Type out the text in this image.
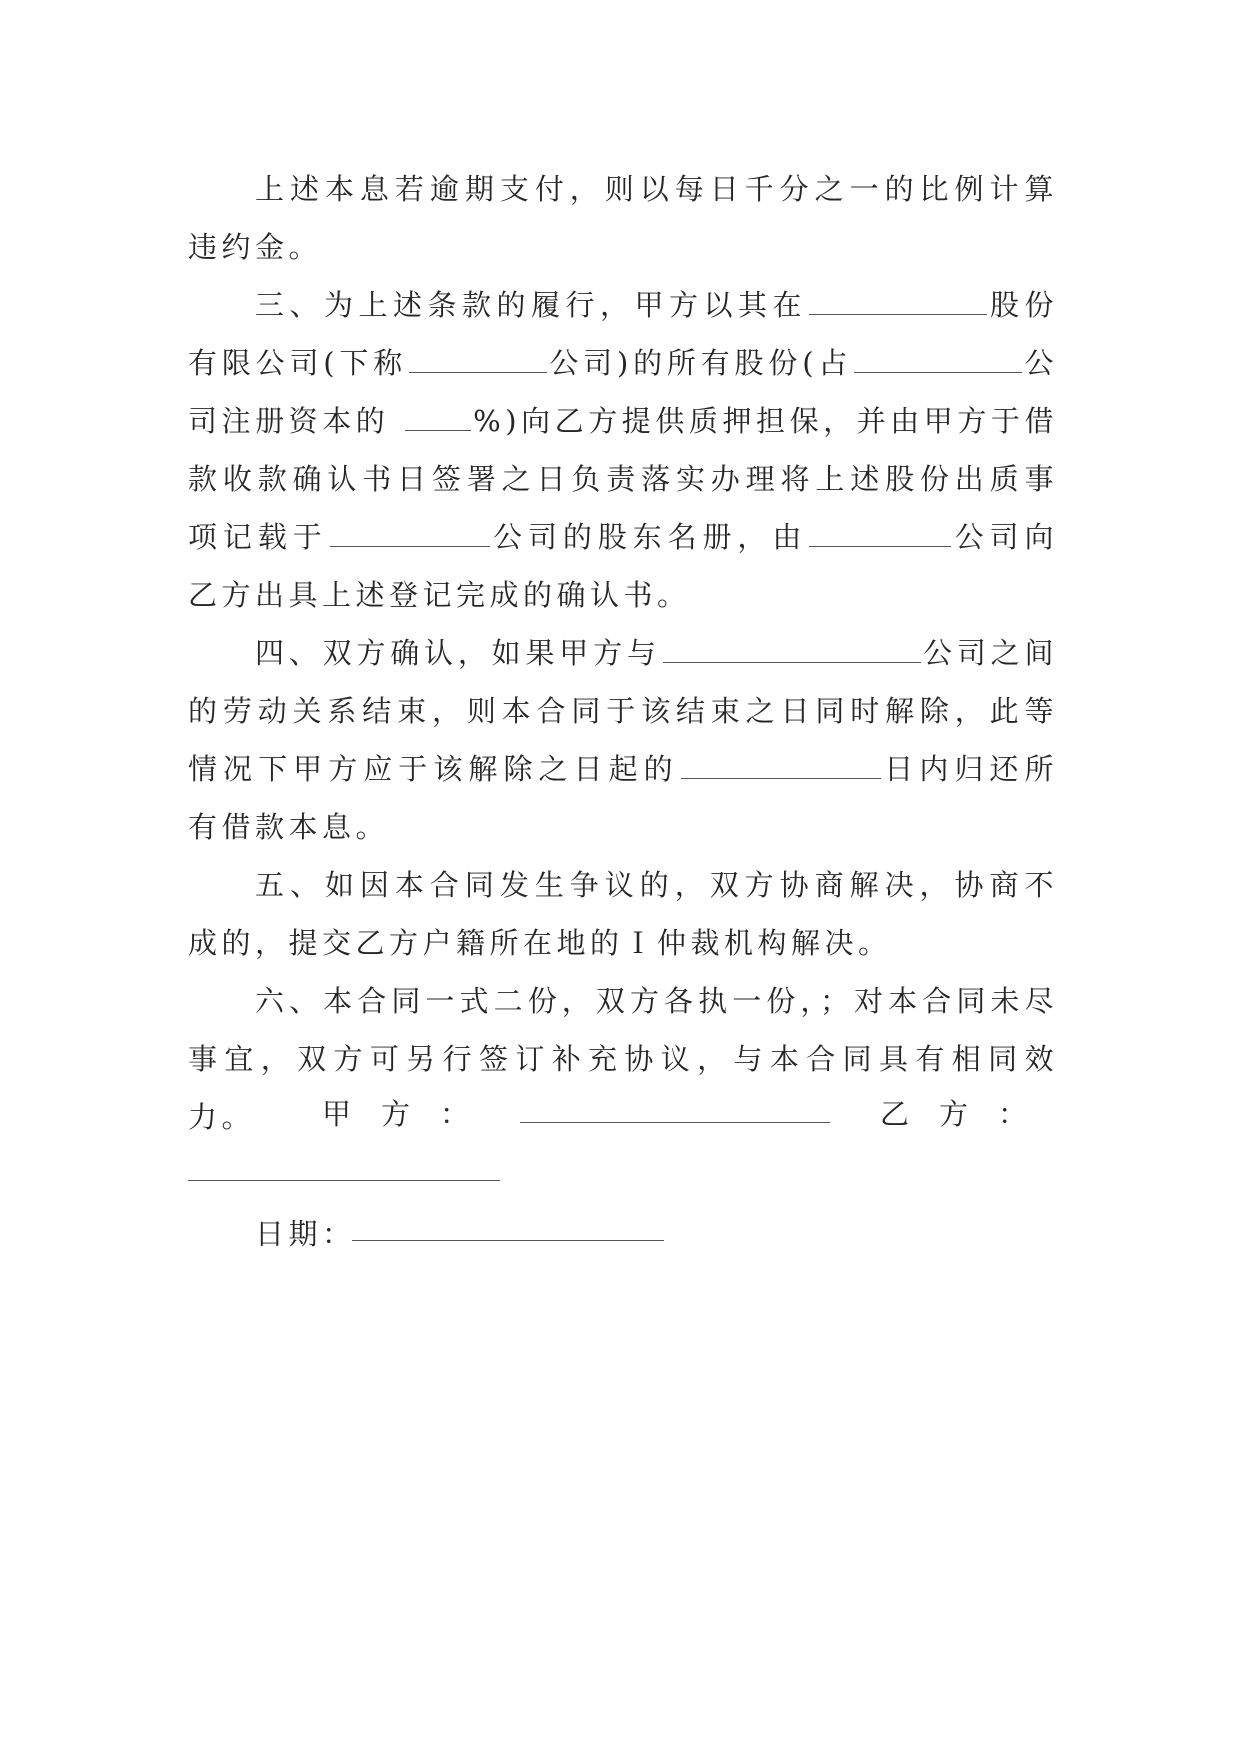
上述本息若逾期支付，则以每日千分之一的比例计算违约金。

三、为上述条款的履行，甲方以其在	股份有限公司(下称	公司)的所有股份(占	公司注册资本的	%)向乙方提供质押担保，并由甲方于借款收款确认书日签署之日负责落实办理将上述股份出质事项记载于	公司的股东名册，由	公司向乙方出具上述登记完成的确认书。

四、双方确认，如果甲方与	公司之间的劳动关系结束，则本合同于该结束之日同时解除，此等情况下甲方应于该解除之日起的	日内归还所有借款本息。

五、如因本合同发生争议的，双方协商解决，协商不成的，提交乙方户籍所在地的Ｉ仲裁机构解决。

六、本合同一式二份，双方各执一份，；对本合同未尽事宜，双方可另行签订补充协议，与本合同具有相同效力。	甲方：	乙方：
日期：
